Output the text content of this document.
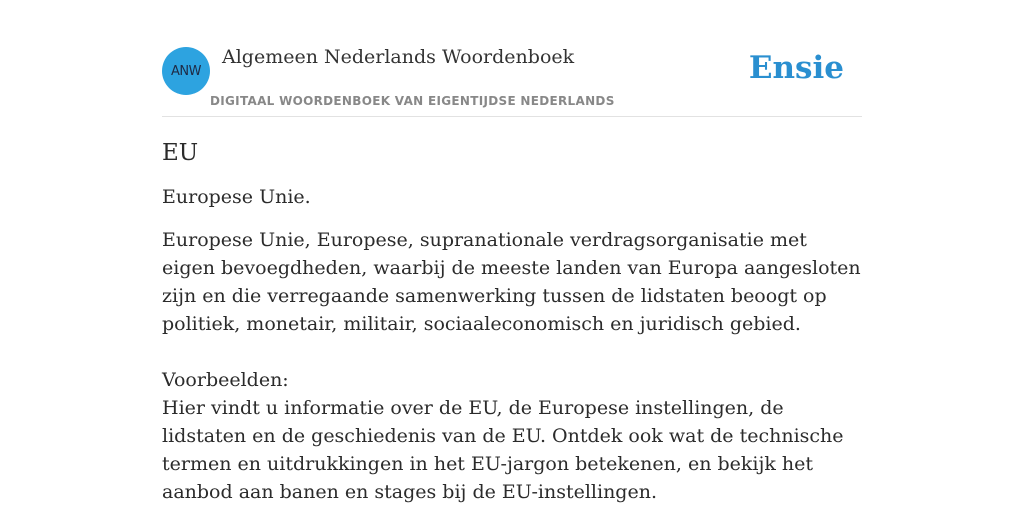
ANW
Algemeen Nederlands Woordenboek
DIGITAAL WOORDENBOEK VAN EIGENTIJDSE NEDERLANDS
Ensie
EU

Europese Unie.

Europese Unie, Europese, supranationale verdragsorganisatie met eigen bevoegdheden, waarbij de meeste landen van Europa aangesloten zijn en die verregaande samenwerking tussen de lidstaten beoogt op politiek, monetair, militair, sociaaleconomisch en juridisch gebied.

Voorbeelden:

Hier vindt u informatie over de EU, de Europese instellingen, de lidstaten en de geschiedenis van de EU. Ontdek ook wat de technische termen en uitdrukkingen in het EU-jargon betekenen, en bekijk het aanbod aan banen en stages bij de EU-instellingen.
